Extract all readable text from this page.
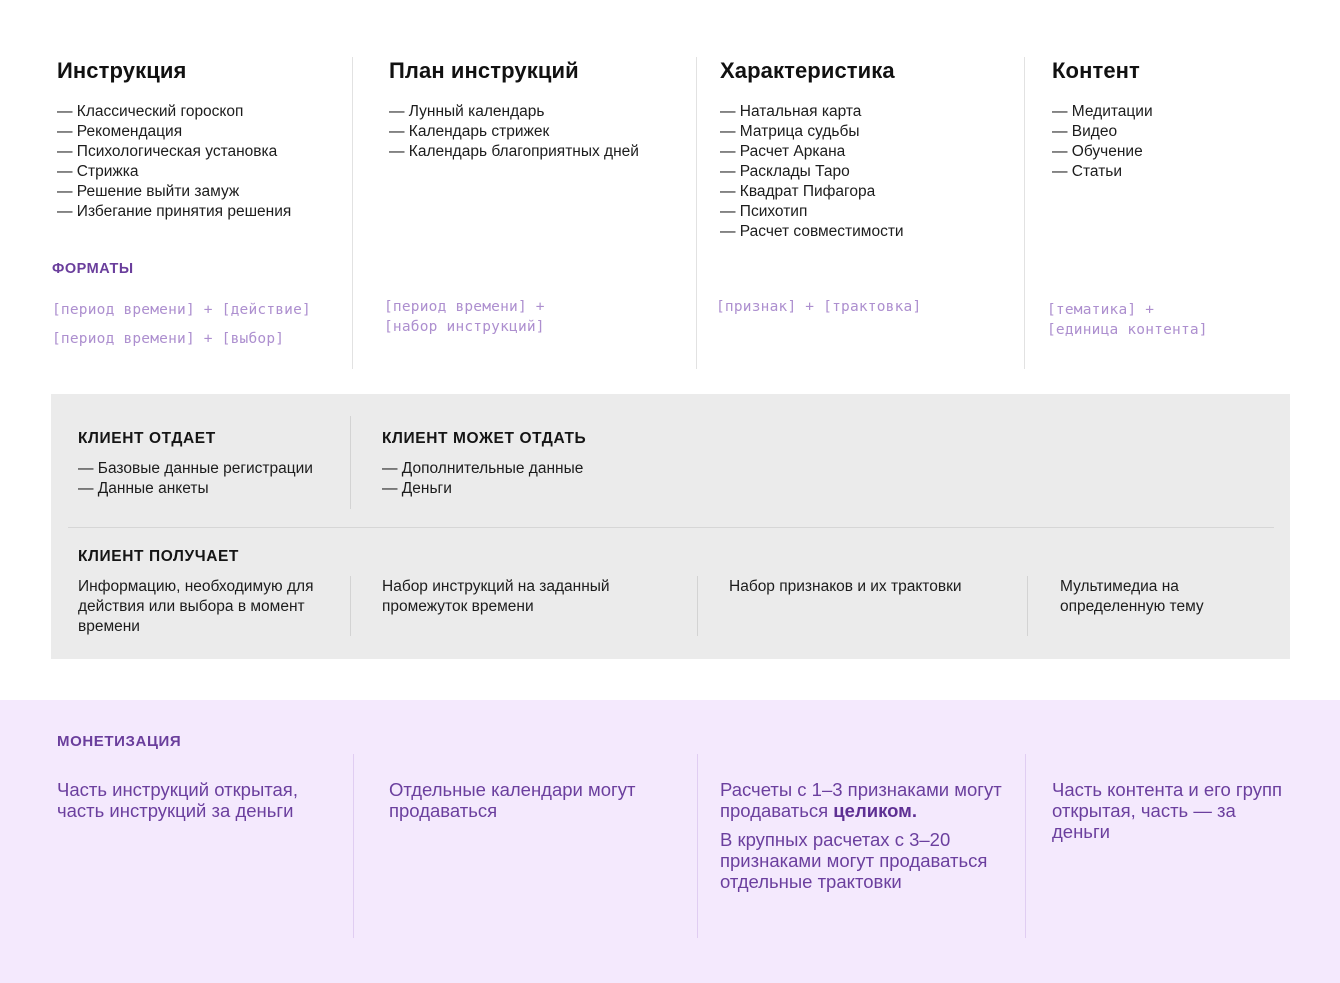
Инструкция
— Классический гороскоп
— Рекомендация
— Психологическая установка
— Стрижка
— Решение выйти замуж
— Избегание принятия решения
План инструкций
— Лунный календарь
— Календарь стрижек
— Календарь благоприятных дней
Характеристика
— Натальная карта
— Матрица судьбы
— Расчет Аркана
— Расклады Таро
— Квадрат Пифагора
— Психотип
— Расчет совместимости
Контент
— Медитации
— Видео
— Обучение
— Статьи
ФОРМАТЫ
[период времени] + [действие]
[период времени] + [выбор]
[период времени] +
[набор инструкций]
[признак] + [трактовка]	[тематика] +
[единица контента]
КЛИЕНТ ОТДАЕТ
— Базовые данные регистрации
— Данные анкеты
КЛИЕНТ МОЖЕТ ОТДАТЬ
— Дополнительные данные
— Деньги
КЛИЕНТ ПОЛУЧАЕТ
Информацию, необходимую для действия или выбора в момент времени
Набор инструкций на заданный промежуток времени
Набор признаков и их трактовки	Мультимедиа на определенную тему
МОНЕТИЗАЦИЯ

Часть инструкций открытая, часть инструкций за деньги

Отдельные календари могут продаваться

Расчеты с 1–3 признаками могут продаваться целиком.

В крупных расчетах с 3–20 признаками могут продаваться отдельные трактовки

Часть контента и его групп открытая, часть — за деньги
